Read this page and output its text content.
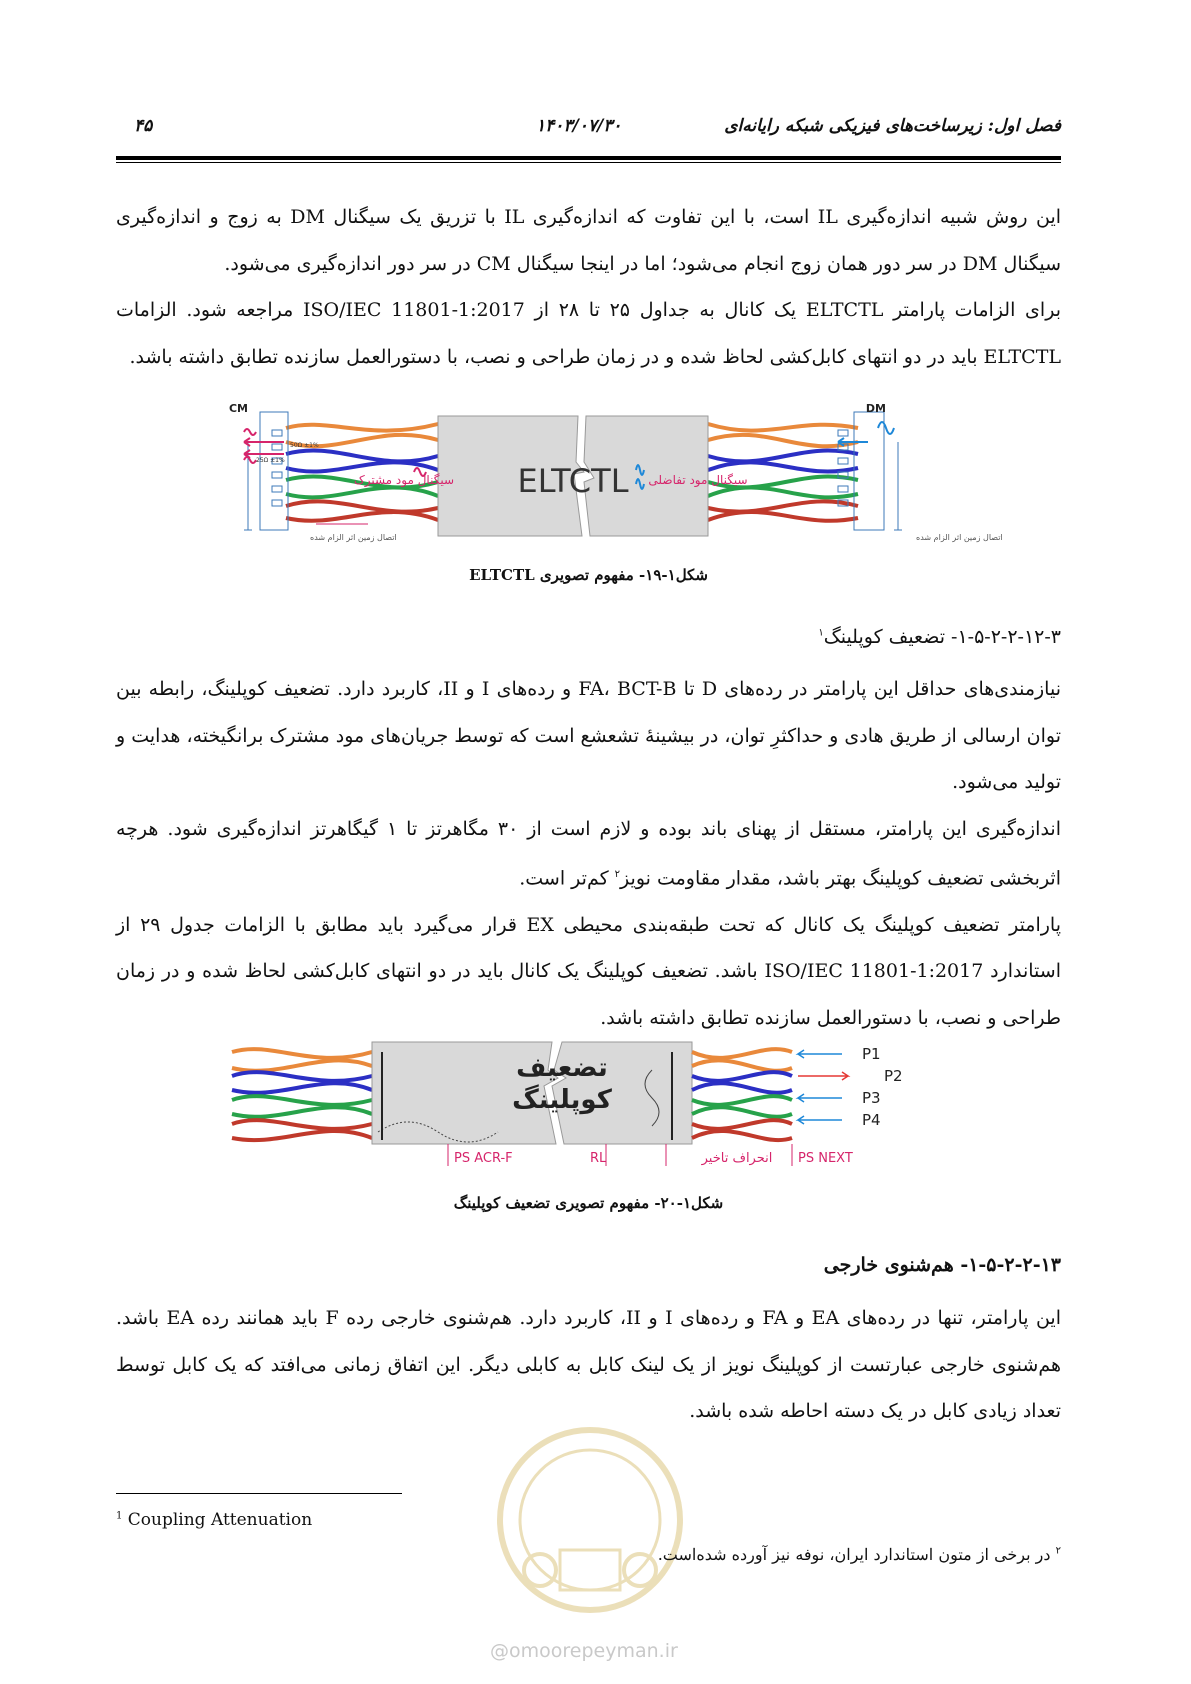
فصل اول: زیرساخت‌های فیزیکی شبکه رایانه‌ای
۱۴۰۳/۰۷/۳۰
۴۵

این روش شبیه اندازه‌گیری IL است، با این تفاوت که اندازه‌گیری IL با تزریق یک سیگنال DM به زوج و اندازه‌گیری سیگنال DM در سر دور همان زوج انجام می‌شود؛ اما در اینجا سیگنال CM در سر دور اندازه‌گیری می‌شود.

برای الزامات پارامتر ELTCTL یک کانال به جداول ۲۵ تا ۲۸ از ISO/IEC 11801-1:2017 مراجعه شود. الزامات ELTCTL باید در دو انتهای کابل‌کشی لحاظ شده و در زمان طراحی و نصب، با دستورالعمل سازنده تطابق داشته باشد.

ELTCTL
50Ω ±1%
25Ω ±1%
CM
اتصال زمین اثر الزام شده
سیگنال مود مشترک
DM
اتصال زمین اثر الزام شده
سیگنال مود تفاضلی
شکل۱-۱۹- مفهوم تصویری ELTCTL
۱-۵-۲-۲-۱۲-۳- تضعیف کوپلینگ$^۱$

نیازمندی‌های حداقل این پارامتر در رده‌های D تا FA، BCT-B و رده‌های I و II، کاربرد دارد. تضعیف کوپلینگ، رابطه بین توان ارسالی از طریق هادی و حداکثرِ توان، در بیشینهٔ تشعشع است که توسط جریان‌های مود مشترک برانگیخته، هدایت و تولید می‌شود.

اندازه‌گیری این پارامتر، مستقل از پهنای باند بوده و لازم است از ۳۰ مگاهرتز تا ۱ گیگاهرتز اندازه‌گیری شود. هرچه اثربخشی تضعیف کوپلینگ بهتر باشد، مقدار مقاومت نویز$^۲$ کم‌تر است.

پارامتر تضعیف کوپلینگ یک کانال که تحت طبقه‌بندی محیطی EX قرار می‌گیرد باید مطابق با الزامات جدول ۲۹ از استاندارد ISO/IEC 11801-1:2017 باشد. تضعیف کوپلینگ یک کانال باید در دو انتهای کابل‌کشی لحاظ شده و در زمان طراحی و نصب، با دستورالعمل سازنده تطابق داشته باشد.

تضعیف
کوپلینگ
P1
P2
P3
P4
PS ACR-F	RL	انحراف تاخیر PS NEXT
شکل۱-۲۰- مفهوم تصویری تضعیف کوپلینگ
۱-۵-۲-۲-۱۳- هم‌شنوی خارجی

این پارامتر، تنها در رده‌های EA و FA و رده‌های I و II، کاربرد دارد. هم‌شنوی خارجی رده F باید همانند رده EA باشد. هم‌شنوی خارجی عبارتست از کوپلینگ نویز از یک لینک کابل به کابلی دیگر. این اتفاق زمانی می‌افتد که یک کابل توسط تعداد زیادی کابل در یک دسته احاطه شده باشد.

@omoorepeyman.ir
$^1$ Coupling Attenuation
$^۲$ در برخی از متون استاندارد ایران، نوفه نیز آورده شده‌است.
